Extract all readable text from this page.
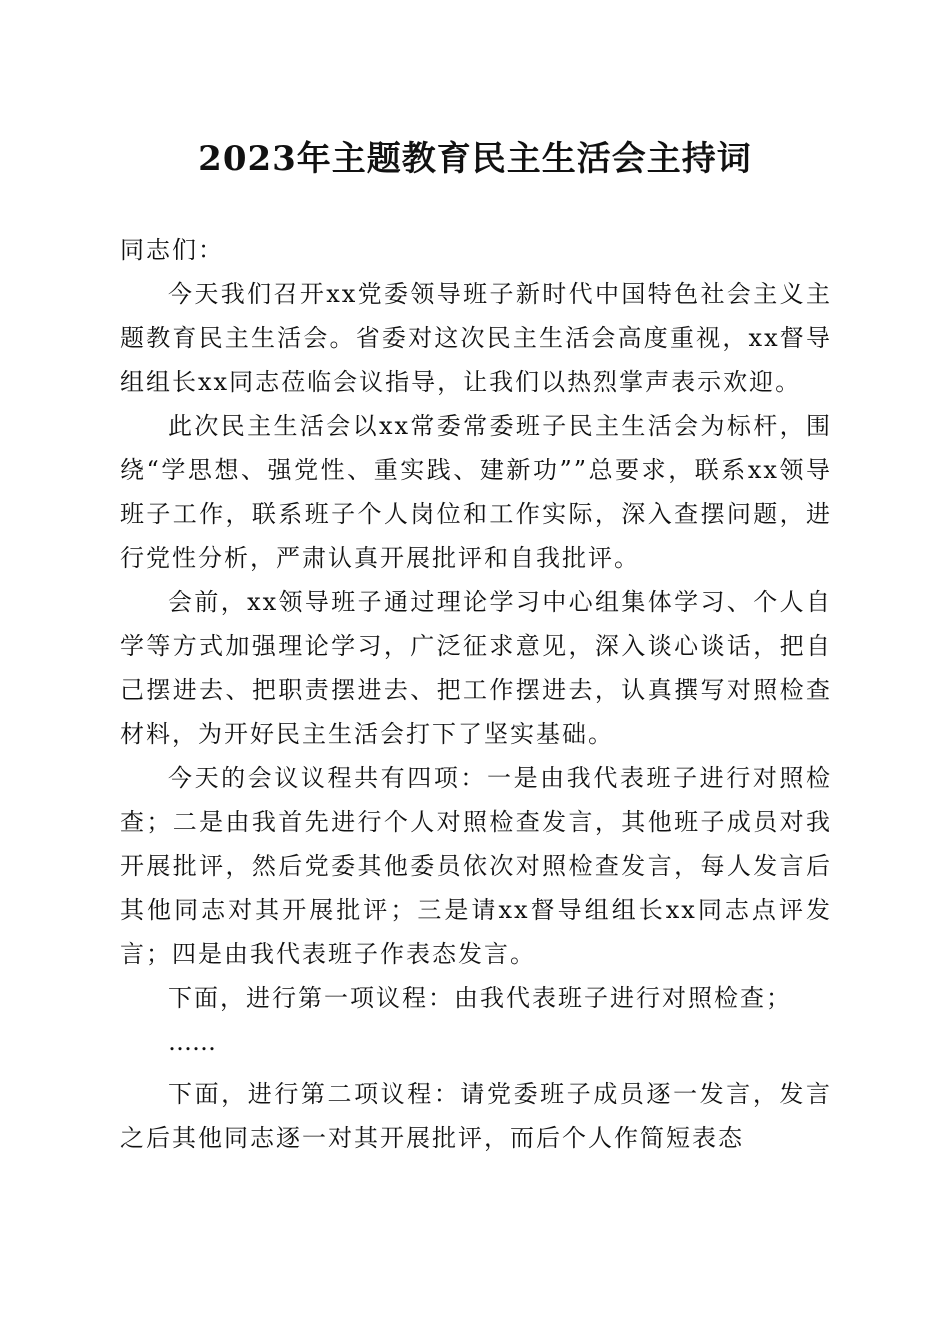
2023年主题教育民主生活会主持词

同志们：

今天我们召开xx党委领导班子新时代中国特色社会主义主题教育民主生活会。省委对这次民主生活会高度重视，xx督导组组长xx同志莅临会议指导，让我们以热烈掌声表示欢迎。

此次民主生活会以xx常委常委班子民主生活会为标杆，围绕“学思想、强党性、重实践、建新功””总要求，联系xx领导班子工作，联系班子个人岗位和工作实际，深入查摆问题，进行党性分析，严肃认真开展批评和自我批评。

会前，xx领导班子通过理论学习中心组集体学习、个人自学等方式加强理论学习，广泛征求意见，深入谈心谈话，把自己摆进去、把职责摆进去、把工作摆进去，认真撰写对照检查材料，为开好民主生活会打下了坚实基础。

今天的会议议程共有四项：一是由我代表班子进行对照检查；二是由我首先进行个人对照检查发言，其他班子成员对我开展批评，然后党委其他委员依次对照检查发言，每人发言后其他同志对其开展批评；三是请xx督导组组长xx同志点评发言；四是由我代表班子作表态发言。

下面，进行第一项议程：由我代表班子进行对照检查；

……

下面，进行第二项议程：请党委班子成员逐一发言，发言之后其他同志逐一对其开展批评，而后个人作简短表态
